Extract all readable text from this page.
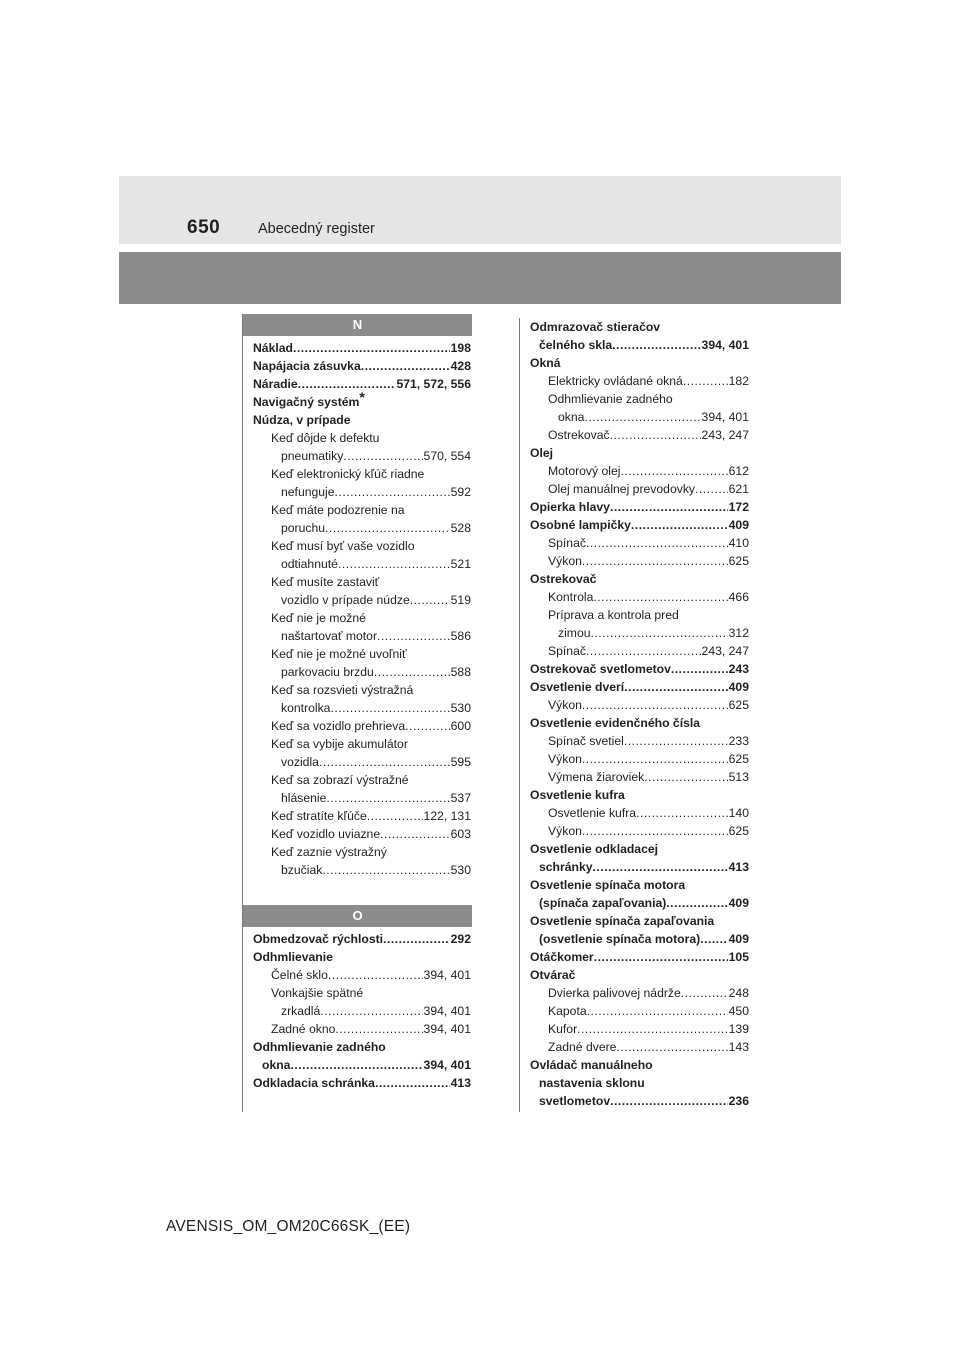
650	Abecedný register
N
Náklad .....	198
Napájacia zásuvka .....	428
Náradie .....	571, 572, 556
Navigačný systém*
Núdza, v prípade
Keď dôjde k defektu
pneumatiky .....	570, 554
Keď elektronický kľúč riadne
nefunguje .....	592
Keď máte podozrenie na
poruchu .....	528
Keď musí byť vaše vozidlo
odtiahnuté .....	521
Keď musíte zastaviť
vozidlo v prípade núdze .....	519
Keď nie je možné
naštartovať motor .....	586
Keď nie je možné uvoľniť
parkovaciu brzdu .....	588
Keď sa rozsvieti výstražná
kontrolka .....	530
Keď sa vozidlo prehrieva .....	600
Keď sa vybije akumulátor
vozidla .....	595
Keď sa zobrazí výstražné
hlásenie .....	537
Keď stratíte kľúče .....	122, 131
Keď vozidlo uviazne .....	603
Keď zaznie výstražný
bzučiak .....	530
O
Obmedzovač rýchlosti .....	292
Odhmlievanie
Čelné sklo .....	394, 401
Vonkajšie spätné
zrkadlá .....	394, 401
Zadné okno .....	394, 401
Odhmlievanie zadného
okna .....	394, 401
Odkladacia schránka .....	413
Odmrazovač stieračov
čelného skla .....	394, 401
Okná
Elektricky ovládané okná .....	182
Odhmlievanie zadného
okna .....	394, 401
Ostrekovač .....	243, 247
Olej
Motorový olej .....	612
Olej manuálnej prevodovky .....	621
Opierka hlavy .....	172
Osobné lampičky .....	409
Spínač .....	410
Výkon .....	625
Ostrekovač
Kontrola .....	466
Príprava a kontrola pred
zimou .....	312
Spínač .....	243, 247
Ostrekovač svetlometov .....	243
Osvetlenie dverí .....	409
Výkon .....	625
Osvetlenie evidenčného čísla
Spínač svetiel .....	233
Výkon .....	625
Výmena žiaroviek .....	513
Osvetlenie kufra
Osvetlenie kufra .....	140
Výkon .....	625
Osvetlenie odkladacej
schránky .....	413
Osvetlenie spínača motora
(spínača zapaľovania) .....	409
Osvetlenie spínača zapaľovania
(osvetlenie spínača motora) ..... 409
Otáčkomer .....	105
Otvárač
Dvierka palivovej nádrže .....	248
Kapota .....	450
Kufor .....	139
Zadné dvere .....	143
Ovládač manuálneho
nastavenia sklonu
svetlometov .....	236
AVENSIS_OM_OM20C66SK_(EE)
